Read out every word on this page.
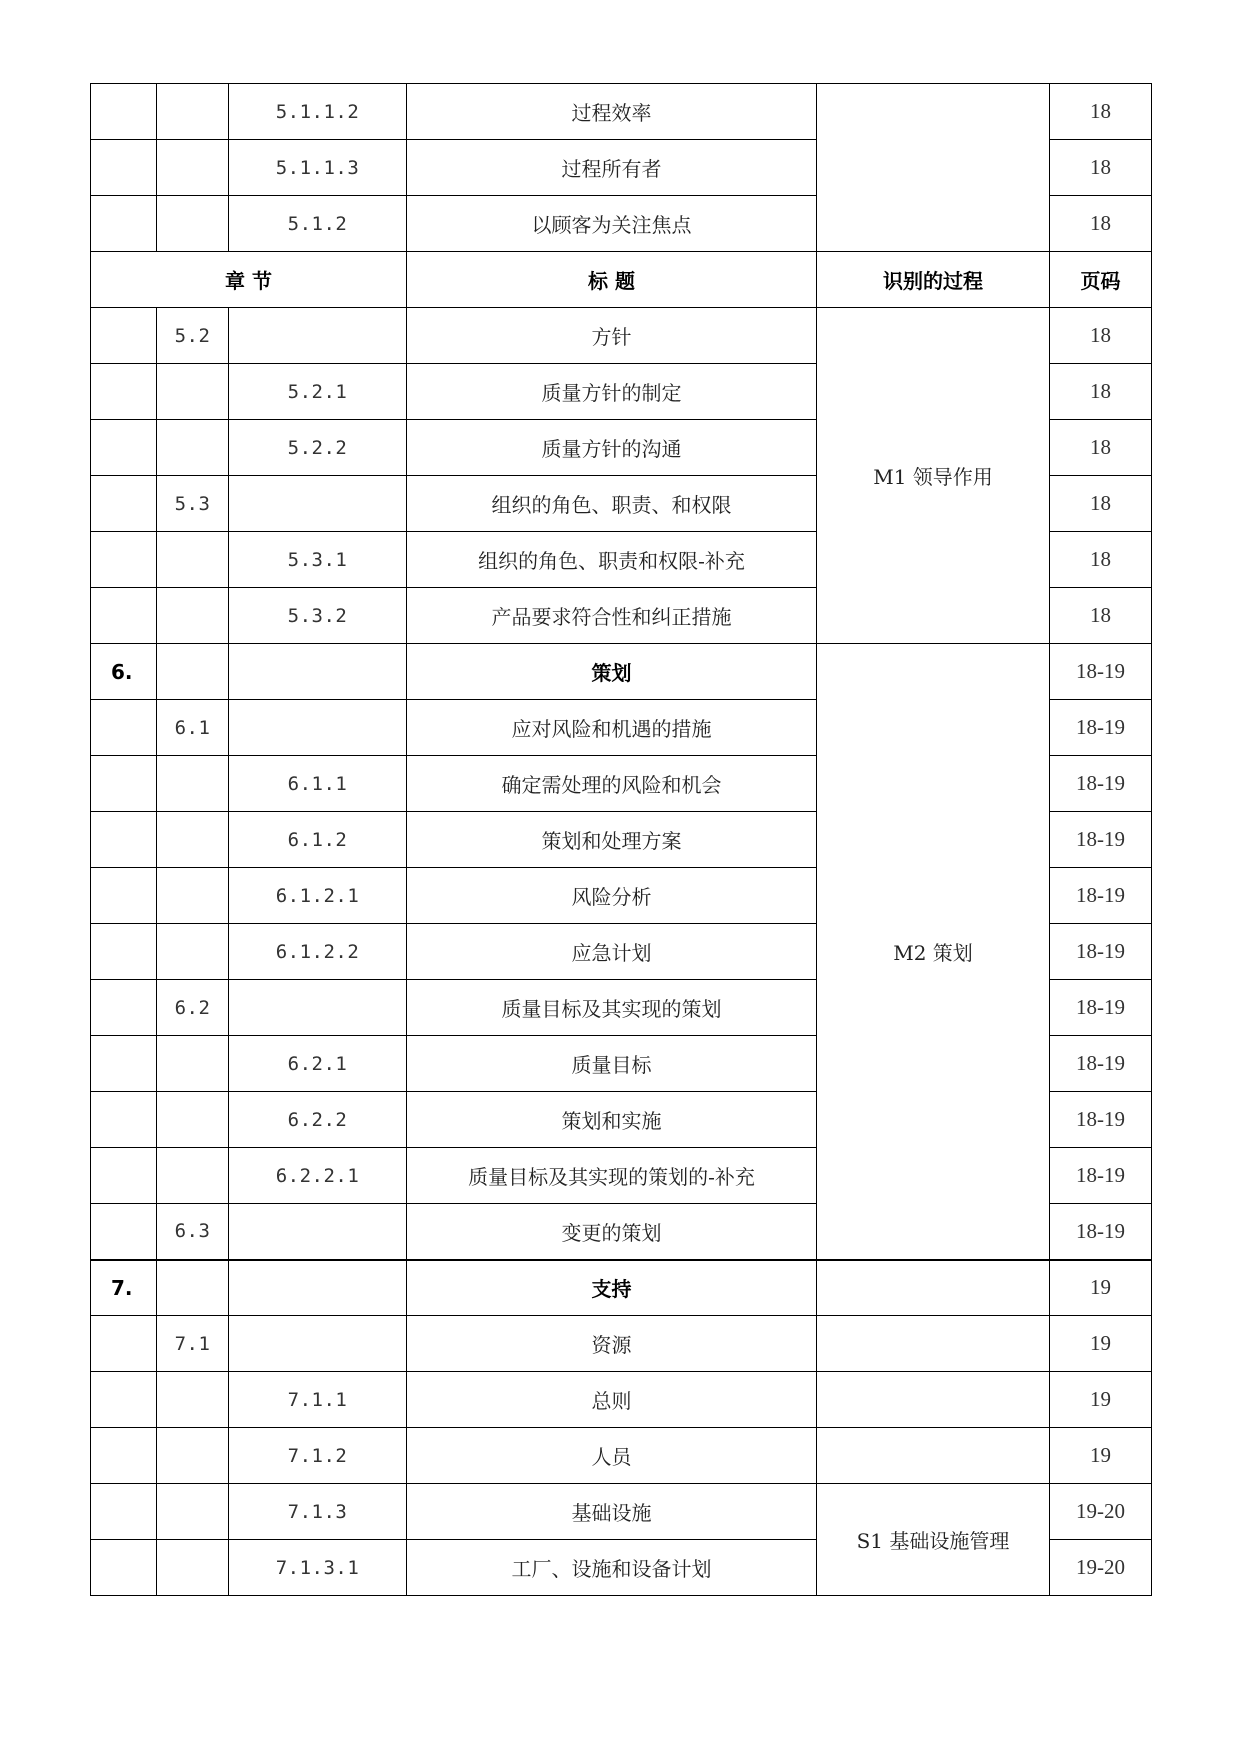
		5.1.1.2	过程效率		18
		5.1.1.3	过程所有者		18
		5.1.2	以顾客为关注焦点		18
章 节			标 题	识别的过程	页码
	5.2		方针	M1 领导作用	18
		5.2.1	质量方针的制定		18
		5.2.2	质量方针的沟通		18
	5.3		组织的角色、职责、和权限		18
		5.3.1	组织的角色、职责和权限-补充		18
		5.3.2	产品要求符合性和纠正措施		18
6.			策划	M2 策划	18-19
	6.1		应对风险和机遇的措施		18-19
		6.1.1	确定需处理的风险和机会		18-19
		6.1.2	策划和处理方案		18-19
		6.1.2.1	风险分析		18-19
		6.1.2.2	应急计划		18-19
	6.2		质量目标及其实现的策划		18-19
		6.2.1	质量目标		18-19
		6.2.2	策划和实施		18-19
		6.2.2.1	质量目标及其实现的策划的-补充		18-19
	6.3		变更的策划		18-19
7.			支持		19
	7.1		资源		19
		7.1.1	总则		19
		7.1.2	人员		19
		7.1.3	基础设施	S1 基础设施管理	19-20
		7.1.3.1	工厂、设施和设备计划		19-20
